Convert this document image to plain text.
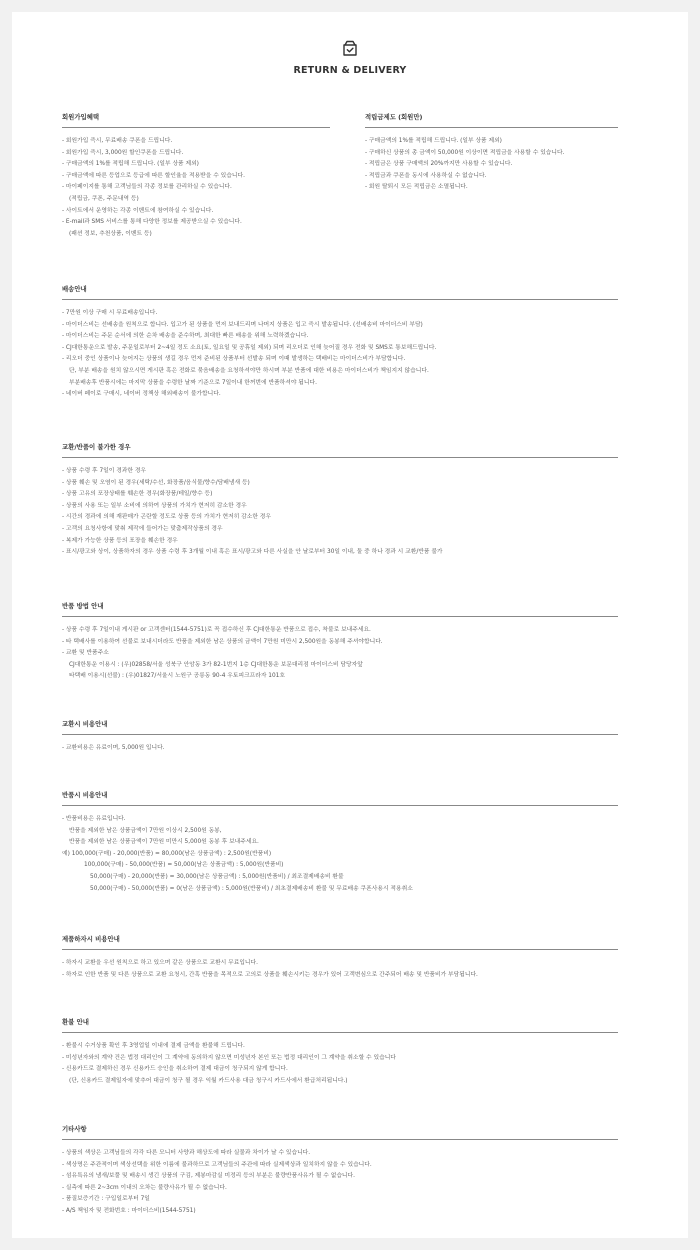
RETURN & DELIVERY
회원가입혜택
- 회원가입 즉시, 무료배송 쿠폰을 드립니다.
- 회원가입 즉시, 3,000원 할인쿠폰을 드립니다.
- 구매금액의 1%를 적립해 드립니다. (일부 상품 제외)
- 구매금액에 따른 등업으로 등급에 따른 할인율을 적용받을 수 있습니다.
- 마이페이지를 통해 고객님들의 각종 정보를 관리하실 수 있습니다.
(적립금, 쿠폰, 주문내역 등)
- 사이트에서 운영하는 각종 이벤트에 참여하실 수 있습니다.
- E-mail과 SMS 서비스를 통해 다양한 정보를 제공받으실 수 있습니다.
(패션 정보, 추천상품, 이벤트 등)
적립금제도 (회원만)
- 구매금액의 1%를 적립해 드립니다. (일부 상품 제외)
- 구매하신 상품의 총 금액이 50,000원 이상이면 적립금을 사용할 수 있습니다.
- 적립금은 상품 구매액의 20%까지만 사용할 수 있습니다.
- 적립금과 쿠폰을 동시에 사용하실 수 없습니다.
- 회원 탈퇴시 모든 적립금은 소멸됩니다.
배송안내
- 7만원 이상 구매 시 무료배송입니다.
- 마이더스비는 선배송을 원칙으로 합니다. 입고가 된 상품을 먼저 보내드리며 나머지 상품은 입고 즉시 발송됩니다. (선배송비 마이더스비 부담)
- 마이더스비는 주문 순서에 의한 순차 배송을 준수하며, 최대한 빠른 배송을 위해 노력하겠습니다.
- CJ대한통운으로 발송, 주문일로부터 2~4일 정도 소요(토, 일요일 및 공휴일 제외) 되며 리오더로 인해 늦어질 경우 전화 및 SMS로 통보해드립니다.
- 리오더 중인 상품이나 늦어지는 상품의 생길 경우 먼저 준비된 상품부터 선발송 되며 이때 발생하는 택배비는 마이더스비가 부담합니다.
단, 부분 배송을 원치 않으시면 게시판 혹은 전화로 묶음배송을 요청하셔야만 하시며 부분 반품에 대한 비용은 마이더스비가 책임지지 않습니다.
부분배송후 반품시에는 마지막 상품을 수령한 날짜 기준으로 7일이내 한꺼번에 반품하셔야 됩니다.
- 네이버 페이로 구매시, 네이버 정책상 해외배송이 불가합니다.
교환/반품이 불가한 경우
- 상품 수령 후 7일이 경과한 경우
- 상품 훼손 및 오염이 된 경우(세탁/수선, 화장품/음식물/향수/담배냄새 등)
- 상품 고유의 포장상태를 훼손한 경우(화장품/테일/향수 등)
- 상품의 사용 또는 일부 소비에 의하여 상품의 가치가 현저히 감소한 경우
- 시간의 경과에 의해 재판매가 곤란할 정도로 상품 등의 가치가 현저히 감소한 경우
- 고객의 요청사항에 맞춰 제작에 들어가는 맞춤제작상품의 경우
- 복제가 가능한 상품 등의 포장을 훼손한 경우
- 표시/광고와 상이, 상품하자의 경우 상품 수령 후 3개월 이내 혹은 표시/광고와 다른 사실을 안 날로부터 30일 이내, 둘 중 하나 경과 시 교환/반품 불가
반품 방법 안내
- 상품 수령 후 7일이내 게시판 or 고객센터(1544-5751)로 꼭 접수하신 후 CJ대한통운 반품으로 접수, 착불로 보내주세요.
- 타 택배사를 이용하여 선불로 보내시더라도 반품을 제외한 남은 상품의 금액이 7만원 미만시 2,500원을 동봉해 주셔야합니다.
- 교환 및 반품주소
CJ대한통운 이용시 : (우)02858/서울 성북구 안암동 3가 82-1번지 1층 CJ대한통운 보문대리점 마이더스비 담당자앞
타택배 이용시(선불) : (우)01827/서울시 노원구 공릉동 90-4 우토피크프라자 101호
교환시 비용안내
- 교환비용은 유료이며, 5,000원 입니다.
반품시 비용안내
- 반품비용은 유료입니다.
반품을 제외한 남은 상품금액이 7만원 이상시 2,500원 동봉,
반품을 제외한 남은 상품금액이 7만원 미만시 5,000원 동봉 후 보내주세요.
예) 100,000(구매) - 20,000(반품) = 80,000(남은 상품금액) : 2,500원(반품비)
100,000(구매) - 50,000(반품) = 50,000(남은 상품금액) : 5,000원(반품비)
50,000(구매) - 20,000(반품) = 30,000(남은 상품금액) : 5,000원(반품비) / 최조결제배송비 환불
50,000(구매) - 50,000(반품) = 0(남은 상품금액) : 5,000원(반품비) / 최초결제배송비 환불 및 무료배송 쿠폰사용시 적용취소
제품하자시 비용안내
- 하자시 교환을 우선 원칙으로 하고 있으며 같은 상품으로 교환시 무료입니다.
- 하자로 인한 반품 및 다른 상품으로 교환 요청시, 간혹 반품을 목적으로 고의로 상품을 훼손시키는 경우가 있어 고객변심으로 간주되어 배송 및 반품비가 부담됩니다.
환불 안내
- 환불시 수거상품 확인 후 3영업일 이내에 결제 금액을 환불해 드립니다.
- 미성년자와의 계약 건은 법정 대리인이 그 계약에 동의하지 않으면 미성년자 본인 또는 법정 대리인이 그 계약을 취소할 수 있습니다
- 신용카드로 결제하신 경우 신용카드 승인을 취소하여 결제 대금이 청구되지 않게 합니다.
(단, 신용카드 결제일자에 맞추어 대금이 청구 될 경우 익월 카드사용 대금 청구시 카드사에서 환급처리됩니다.)
기타사항
- 상품의 색상은 고객님들의 각각 다른 모니터 사양과 해상도에 따라 실물과 차이가 날 수 있습니다.
- 색상명은 주관적이며 색상선택을 위한 이름에 불과하므로 고객님들의 주관에 따라 실제색상과 일치하지 않을 수 있습니다.
- 섬유특유의 냄새/보풀 및 배송시 생긴 상품의 구김, 제봉마감실 미정리 등의 부분은 불량반품사유가 될 수 없습니다.
- 실측에 따른 2~3cm 이내의 오차는 불량사유가 될 수 없습니다.
- 품질보증기간 : 구입일로부터 7일
- A/S 책임자 및 전화번호 : 마이더스비(1544-5751)
